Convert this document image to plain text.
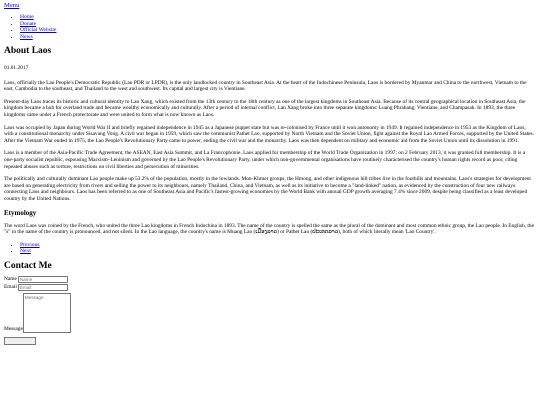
Menu
• Home
• Donate
• Official Website
• News
About Laos

01.01.2017

Laos, officially the Lao People's Democratic Republic (Lao PDR or LPDR), is the only landlocked country in Southeast Asia. At the heart of the Indochinese Peninsula, Laos is bordered by Myanmar and China to the northwest, Vietnam to the east, Cambodia to the southeast, and Thailand to the west and southwest. Its capital and largest city is Vientiane.

Present-day Laos traces its historic and cultural identity to Lan Xang, which existed from the 13th century to the 18th century as one of the largest kingdoms in Southeast Asia. Because of its central geographical location in Southeast Asia, the kingdom became a hub for overland trade and became wealthy economically and culturally. After a period of internal conflict, Lan Xang broke into three separate kingdoms: Luang Phrabang, Vientiane, and Champasak. In 1893, the three kingdoms came under a French protectorate and were united to form what is now known as Laos.

Laos was occupied by Japan during World War II and briefly regained independence in 1945 as a Japanese puppet state but was re-colonised by France until it won autonomy in 1949. It regained independence in 1953 as the Kingdom of Laos, with a constitutional monarchy under Sisavang Vong. A civil war began in 1959, which saw the communist Pathet Lao, supported by North Vietnam and the Soviet Union, fight against the Royal Lao Armed Forces, supported by the United States. After the Vietnam War ended in 1975, the Lao People's Revolutionary Party came to power, ending the civil war and the monarchy. Laos was then dependent on military and economic aid from the Soviet Union until its dissolution in 1991.

Laos is a member of the Asia-Pacific Trade Agreement, the ASEAN, East Asia Summit, and La Francophonie. Laos applied for membership of the World Trade Organization in 1997; on 2 February 2013, it was granted full membership. It is a one-party socialist republic, espousing Marxism–Leninism and governed by the Lao People's Revolutionary Party, under which non-governmental organisations have routinely characterised the country's human rights record as poor, citing repeated abuses such as torture, restrictions on civil liberties and persecution of minorities.

The politically and culturally dominant Lao people make up 53.2% of the population, mostly in the lowlands. Mon-Khmer groups, the Hmong, and other indigenous hill tribes live in the foothills and mountains. Laos's strategies for development are based on generating electricity from rivers and selling the power to its neighbours, namely Thailand, China, and Vietnam, as well as its initiative to become a "land-linked" nation, as evidenced by the construction of four new railways connecting Laos and neighbours. Laos has been referred to as one of Southeast Asia and Pacific's fastest-growing economies by the World Bank with annual GDP growth averaging 7.4% since 2009, despite being classified as a least developed country by the United Nations.

Etymology

The word Laos was coined by the French, who united the three Lao kingdoms in French Indochina in 1893. The name of the country is spelled the same as the plural of the dominant and most common ethnic group, the Lao people. In English, the "s" in the name of the country is pronounced, and not silent. In the Lao language, the country's name is Muang Lao (ເມືອງລາວ) or Pathet Lao (ປະເທດລາວ), both of which literally mean 'Lao Country'.

• Previous
• Next
Contact Me
Name
Name
Email
Email
Message
Message
